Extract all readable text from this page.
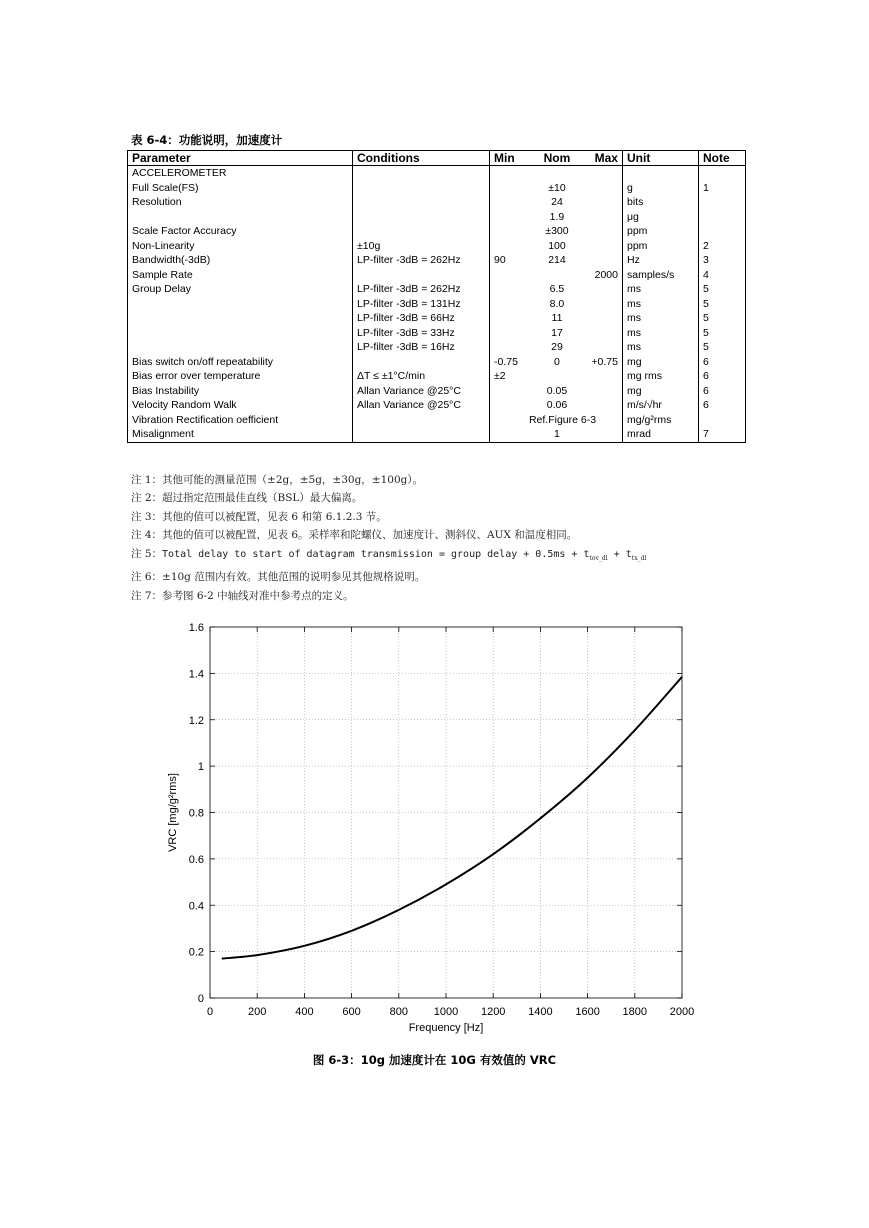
表 6-4：功能说明，加速度计
Parameter	Conditions	Min Nom Max	Unit	Note
ACCELEROMETER		

Full Scale(FS)		±10	g	1
Resolution		24	bits	

		1.9	μg	
Scale Factor Accuracy		±300	ppm	
Non-Linearity	±10g	100	ppm	2
Bandwidth(-3dB)	LP-filter -3dB = 262Hz	90 214	Hz	3
Sample Rate		2000	samples/s	4
Group Delay	LP-filter -3dB = 262Hz	6.5	ms	5
	LP-filter -3dB = 131Hz	8.0	ms	5
	LP-filter -3dB = 66Hz	11	ms	5
	LP-filter -3dB = 33Hz	17	ms	5
	LP-filter -3dB = 16Hz	29	ms	5
Bias switch on/off repeatability		-0.75 0 +0.75	mg	6
Bias error over temperature	ΔT ≤ ±1°C/min	±2	mg rms	6
Bias Instability	Allan Variance @25°C	0.05	mg	6
Velocity Random Walk	Allan Variance @25°C	0.06	m/s/√hr	6
Vibration Rectification oefficient		Ref.Figure 6-3	mg/g²rms	
Misalignment		1	mrad	7
注 1：其他可能的测量范围（±2g，±5g，±30g，±100g）。
注 2：超过指定范围最佳直线（BSL）最大偏离。
注 3：其他的值可以被配置，见表 6 和第 6.1.2.3 节。
注 4：其他的值可以被配置，见表 6。采样率和陀螺仪、加速度计、测斜仪、AUX 和温度相同。
注 5：Total delay to start of datagram transmission = group delay + $0.5ms + t_{tov\_dl} + t_{tx\_dl}$
注 6：±10g 范围内有效。其他范围的说明参见其他规格说明。
注 7：参考图 6-2 中轴线对准中参考点的定义。
0	200	400	600	800 1000 1200 1400 1600 1800 2000
0
0.2
0.4
0.6
0.8
1
1.2
1.4
1.6
Frequency [Hz]
VRC [mg/g²rms]
图 6-3：10g 加速度计在 10G 有效值的 VRC
